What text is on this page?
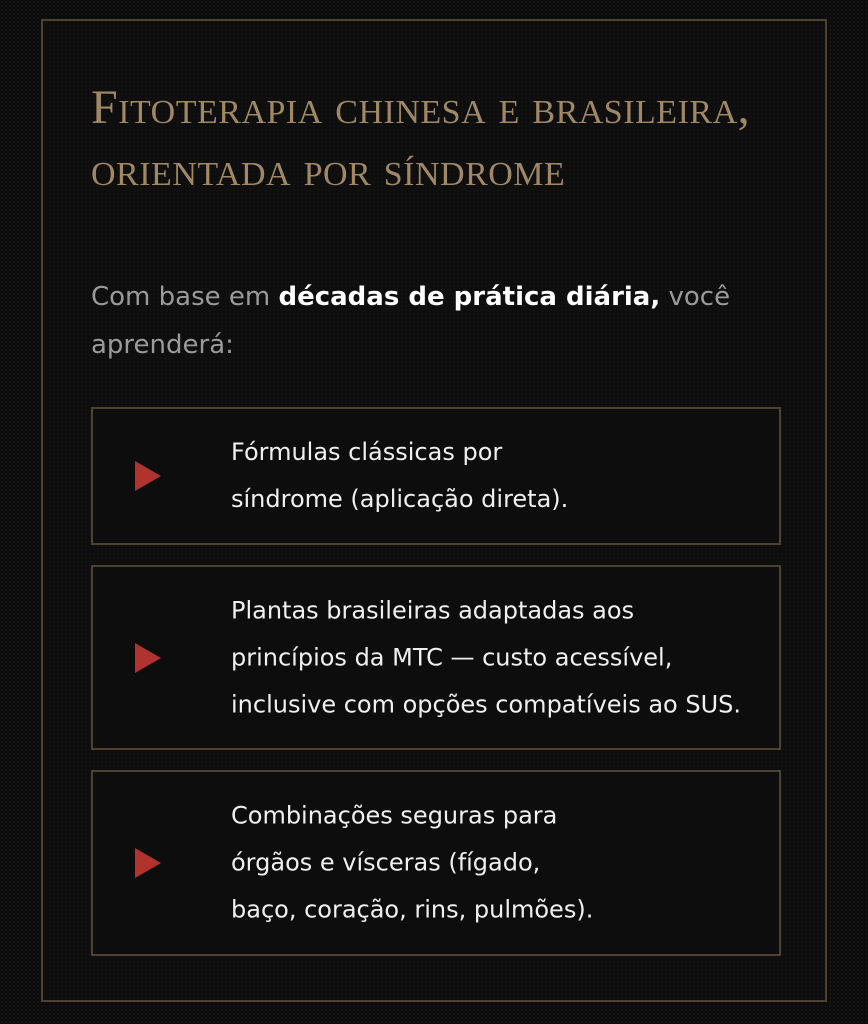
Fitoterapia chinesa e brasileira, orientada por síndrome

Com base em décadas de prática diária, você aprenderá:

Fórmulas clássicas por
síndrome (aplicação direta).
Plantas brasileiras adaptadas aos
princípios da MTC — custo acessível,
inclusive com opções compatíveis ao SUS.
Combinações seguras para
órgãos e vísceras (fígado,
baço, coração, rins, pulmões).
